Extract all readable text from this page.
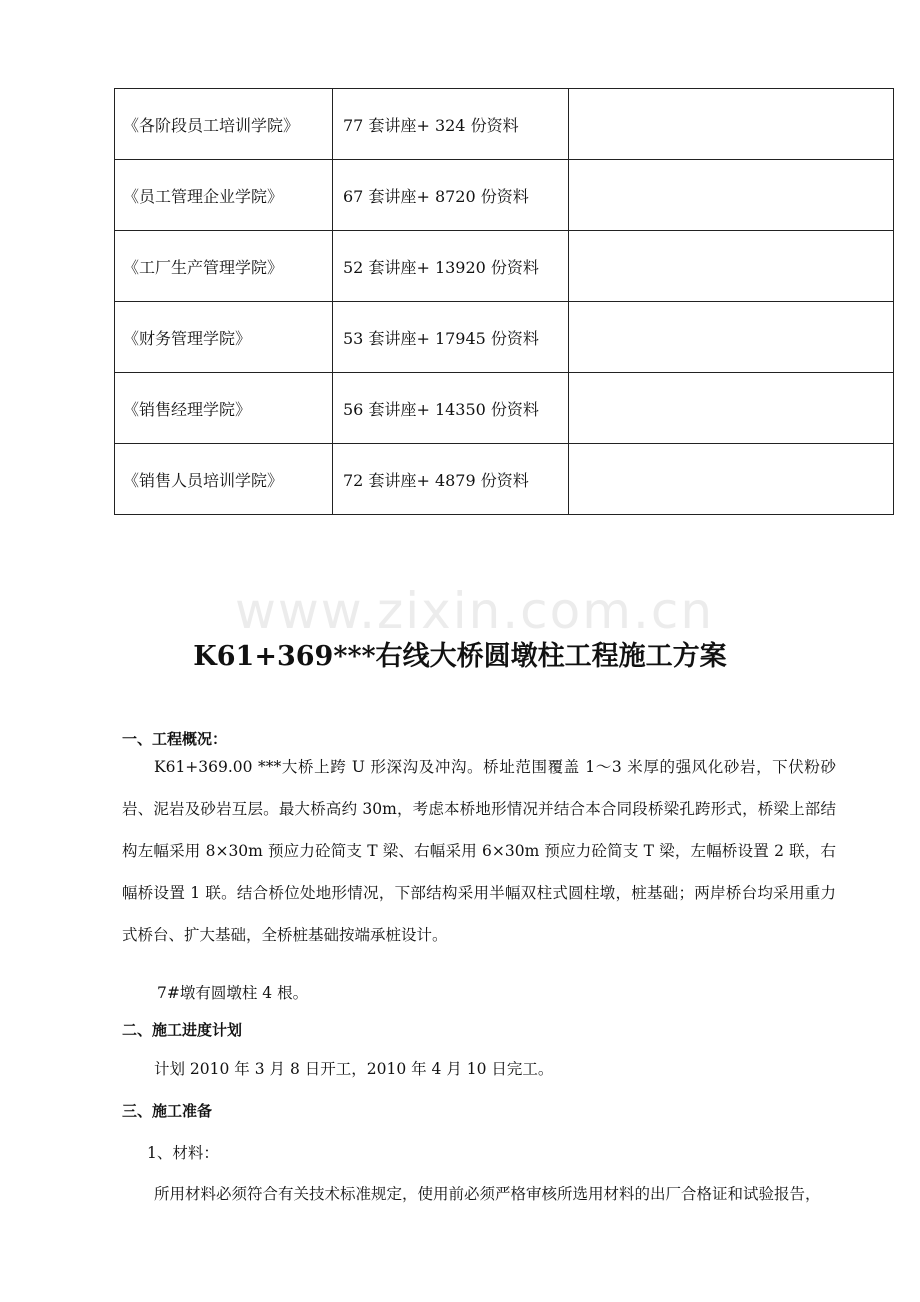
《各阶段员工培训学院》	77 套讲座+ 324 份资料	
《员工管理企业学院》	67 套讲座+ 8720 份资料	
《工厂生产管理学院》	52 套讲座+ 13920 份资料	
《财务管理学院》	53 套讲座+ 17945 份资料	
《销售经理学院》	56 套讲座+ 14350 份资料	
《销售人员培训学院》	72 套讲座+ 4879 份资料	
www.zixin.com.cn
K61+369***右线大桥圆墩柱工程施工方案
一、工程概况：
K61+369.00 ***大桥上跨 U 形深沟及冲沟。桥址范围覆盖 1～3 米厚的强风化砂岩，下伏粉砂岩、泥岩及砂岩互层。最大桥高约 30m，考虑本桥地形情况并结合本合同段桥梁孔跨形式，桥梁上部结构左幅采用 8×30m 预应力砼简支 T 梁、右幅采用 6×30m 预应力砼简支 T 梁，左幅桥设置 2 联，右幅桥设置 1 联。结合桥位处地形情况，下部结构采用半幅双柱式圆柱墩，桩基础；两岸桥台均采用重力式桥台、扩大基础，全桥桩基础按端承桩设计。
7#墩有圆墩柱 4 根。
二、施工进度计划
计划 2010 年 3 月 8 日开工，2010 年 4 月 10 日完工。
三、施工准备
1、材料：
所用材料必须符合有关技术标准规定，使用前必须严格审核所选用材料的出厂合格证和试验报告，
